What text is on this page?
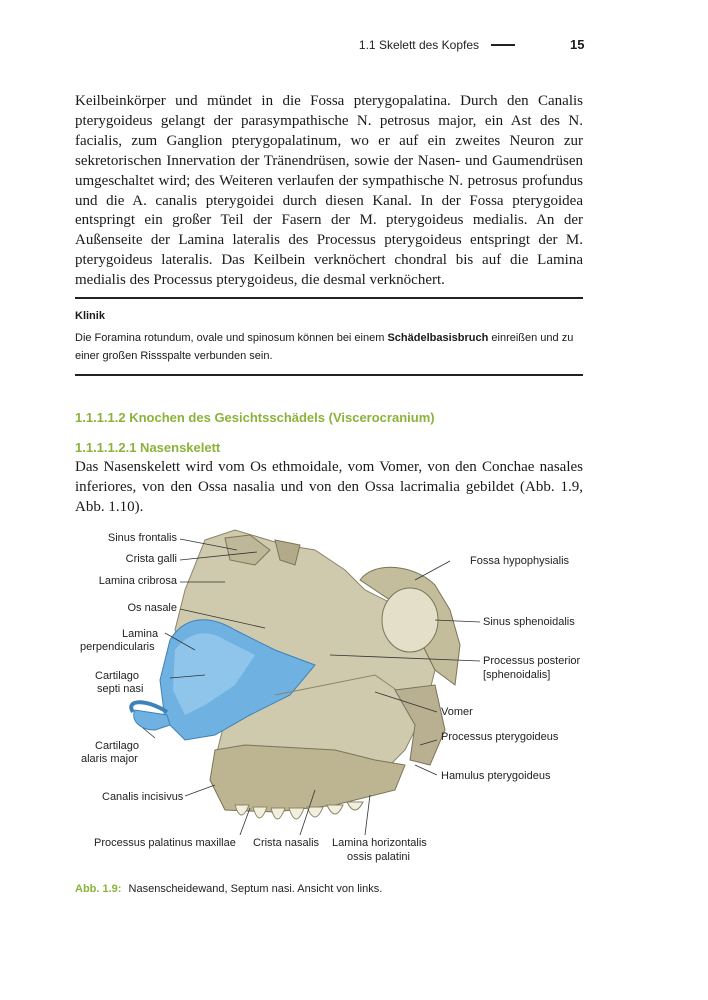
1.1 Skelett des Kopfes	15
Keilbeinkörper und mündet in die Fossa pterygopalatina. Durch den Canalis pterygoideus gelangt der parasympathische N. petrosus major, ein Ast des N. facialis, zum Ganglion pterygopalatinum, wo er auf ein zweites Neuron zur sekretorischen Innervation der Tränendrüsen, sowie der Nasen- und Gaumendrüsen umgeschaltet wird; des Weiteren verlaufen der sympathische N. petrosus profundus und die A. canalis pterygoidei durch diesen Kanal. In der Fossa pterygoidea entspringt ein großer Teil der Fasern der M. pterygoideus medialis. An der Außenseite der Lamina lateralis des Processus pterygoideus entspringt der M. pterygoideus lateralis. Das Keilbein verknöchert chondral bis auf die Lamina medialis des Processus pterygoideus, die desmal verknöchert.
Klinik
Die Foramina rotundum, ovale und spinosum können bei einem Schädelbasisbruch einreißen und zu einer großen Rissspalte verbunden sein.
1.1.1.1.2 Knochen des Gesichtsschädels (Viscerocranium)
1.1.1.1.2.1 Nasenskelett
Das Nasenskelett wird vom Os ethmoidale, vom Vomer, von den Conchae nasales inferiores, von den Ossa nasalia und von den Ossa lacrimalia gebildet (Abb. 1.9, Abb. 1.10).
Sinus frontalis
Crista galli
Lamina cribrosa
Os nasale
Lamina
perpendicularis
Cartilago
septi nasi
Cartilago
alaris major
Canalis incisivus
Fossa hypophysialis
Sinus sphenoidalis
Processus posterior
[sphenoidalis]
Vomer
Processus pterygoideus
Hamulus pterygoideus
Processus palatinus maxillae Crista nasalis Lamina horizontalis
ossis palatini
Abb. 1.9: Nasenscheidewand, Septum nasi. Ansicht von links.
